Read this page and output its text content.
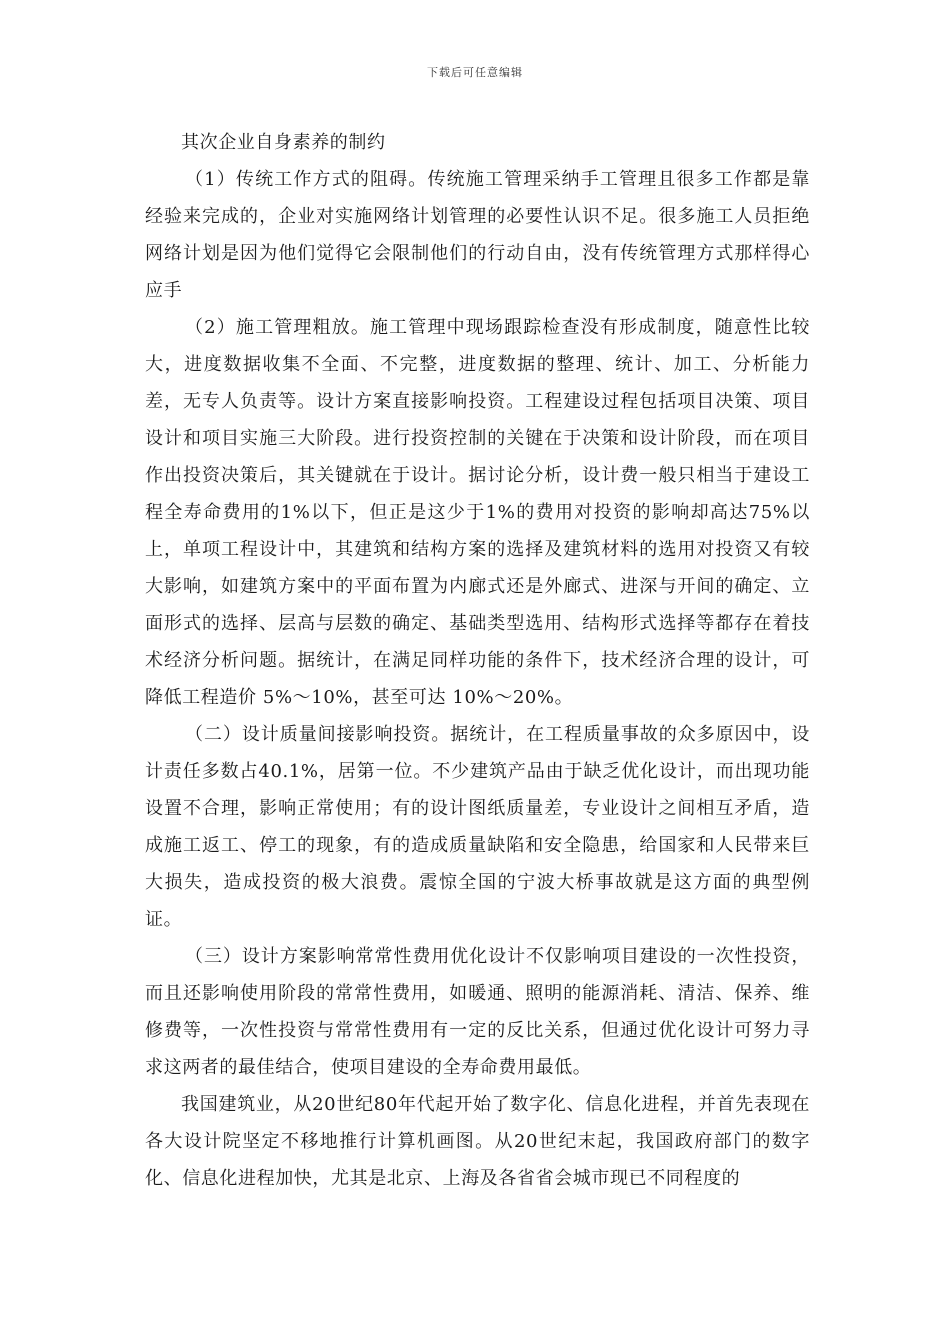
下载后可任意编辑

其次企业自身素养的制约

（1）传统工作方式的阻碍。传统施工管理采纳手工管理且很多工作都是靠经验来完成的，企业对实施网络计划管理的必要性认识不足。很多施工人员拒绝网络计划是因为他们觉得它会限制他们的行动自由，没有传统管理方式那样得心应手

（2）施工管理粗放。施工管理中现场跟踪检查没有形成制度，随意性比较大，进度数据收集不全面、不完整，进度数据的整理、统计、加工、分析能力差，无专人负责等。设计方案直接影响投资。工程建设过程包括项目决策、项目设计和项目实施三大阶段。进行投资控制的关键在于决策和设计阶段，而在项目作出投资决策后，其关键就在于设计。据讨论分析，设计费一般只相当于建设工程全寿命费用的1%以下，但正是这少于1%的费用对投资的影响却高达75%以上，单项工程设计中，其建筑和结构方案的选择及建筑材料的选用对投资又有较大影响，如建筑方案中的平面布置为内廊式还是外廊式、进深与开间的确定、立面形式的选择、层高与层数的确定、基础类型选用、结构形式选择等都存在着技术经济分析问题。据统计，在满足同样功能的条件下，技术经济合理的设计，可降低工程造价 5%～10%，甚至可达 10%～20%。

（二）设计质量间接影响投资。据统计，在工程质量事故的众多原因中，设计责任多数占40.1%，居第一位。不少建筑产品由于缺乏优化设计，而出现功能设置不合理，影响正常使用；有的设计图纸质量差，专业设计之间相互矛盾，造成施工返工、停工的现象，有的造成质量缺陷和安全隐患，给国家和人民带来巨大损失，造成投资的极大浪费。震惊全国的宁波大桥事故就是这方面的典型例证。

（三）设计方案影响常常性费用优化设计不仅影响项目建设的一次性投资，而且还影响使用阶段的常常性费用，如暖通、照明的能源消耗、清洁、保养、维修费等，一次性投资与常常性费用有一定的反比关系，但通过优化设计可努力寻求这两者的最佳结合，使项目建设的全寿命费用最低。

我国建筑业，从20世纪80年代起开始了数字化、信息化进程，并首先表现在各大设计院坚定不移地推行计算机画图。从20世纪末起，我国政府部门的数字化、信息化进程加快，尤其是北京、上海及各省省会城市现已不同程度的
